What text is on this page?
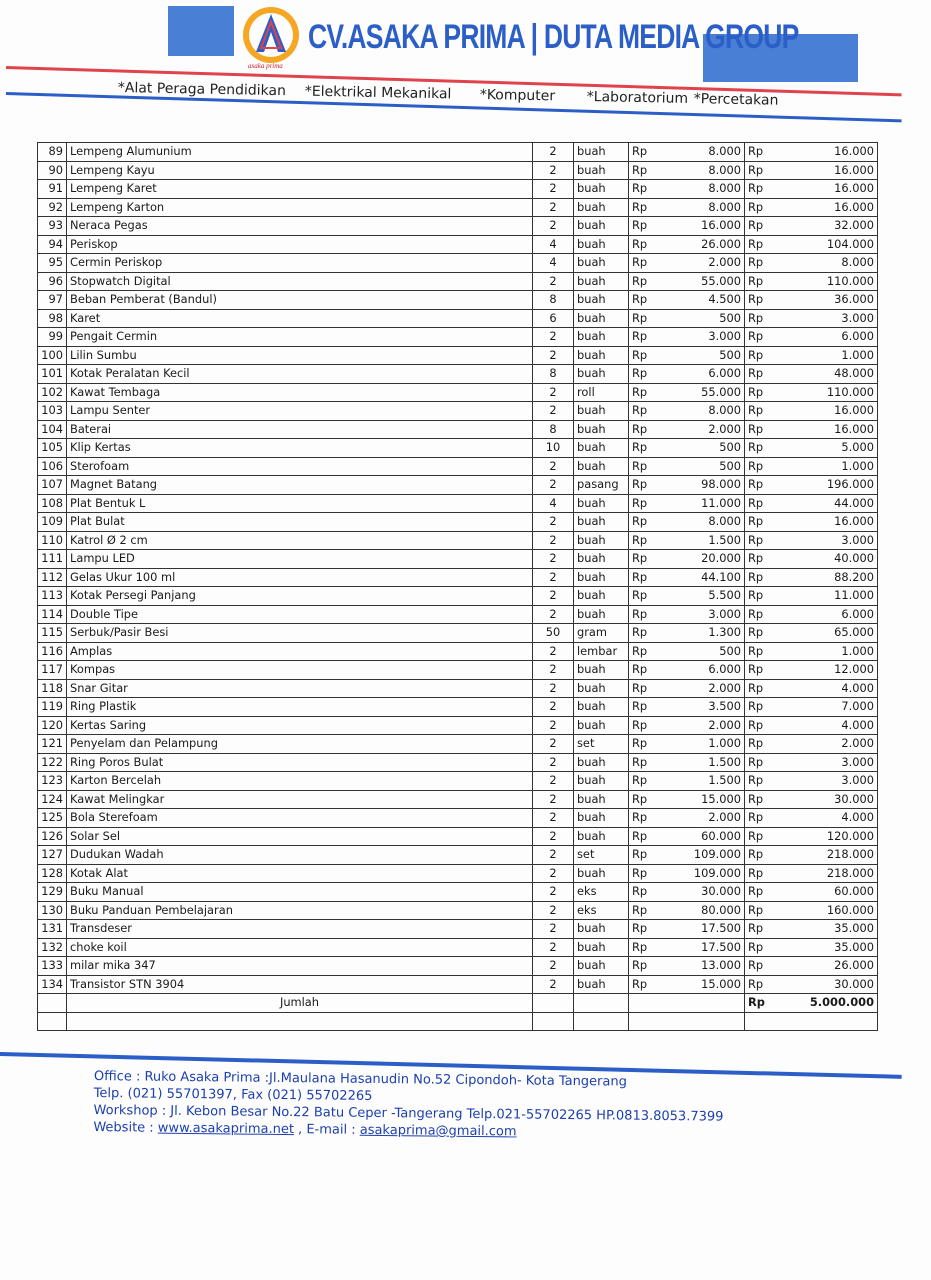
asaka prima
CV.ASAKA PRIMA | DUTA MEDIA GROUP
*Alat Peraga Pendidikan *Elektrikal Mekanikal *Komputer *Laboratorium *Percetakan
89	Lempeng Alumunium	2	buah	Rp	8.000	Rp	16.000
90	Lempeng Kayu	2	buah	Rp	8.000	Rp	16.000
91	Lempeng Karet	2	buah	Rp	8.000	Rp	16.000
92	Lempeng Karton	2	buah	Rp	8.000	Rp	16.000
93	Neraca Pegas	2	buah	Rp	16.000	Rp	32.000
94	Periskop	4	buah	Rp	26.000	Rp	104.000
95	Cermin Periskop	4	buah	Rp	2.000	Rp	8.000
96	Stopwatch Digital	2	buah	Rp	55.000	Rp	110.000
97	Beban Pemberat (Bandul)	8	buah	Rp	4.500	Rp	36.000
98	Karet	6	buah	Rp	500	Rp	3.000
99	Pengait Cermin	2	buah	Rp	3.000	Rp	6.000
100	Lilin Sumbu	2	buah	Rp	500	Rp	1.000
101	Kotak Peralatan Kecil	8	buah	Rp	6.000	Rp	48.000
102	Kawat Tembaga	2	roll	Rp	55.000	Rp	110.000
103	Lampu Senter	2	buah	Rp	8.000	Rp	16.000
104	Baterai	8	buah	Rp	2.000	Rp	16.000
105	Klip Kertas	10	buah	Rp	500	Rp	5.000
106	Sterofoam	2	buah	Rp	500	Rp	1.000
107	Magnet Batang	2	pasang	Rp	98.000	Rp	196.000
108	Plat Bentuk L	4	buah	Rp	11.000	Rp	44.000
109	Plat Bulat	2	buah	Rp	8.000	Rp	16.000
110	Katrol Ø 2 cm	2	buah	Rp	1.500	Rp	3.000
111	Lampu LED	2	buah	Rp	20.000	Rp	40.000
112	Gelas Ukur 100 ml	2	buah	Rp	44.100	Rp	88.200
113	Kotak Persegi Panjang	2	buah	Rp	5.500	Rp	11.000
114	Double Tipe	2	buah	Rp	3.000	Rp	6.000
115	Serbuk/Pasir Besi	50	gram	Rp	1.300	Rp	65.000
116	Amplas	2	lembar	Rp	500	Rp	1.000
117	Kompas	2	buah	Rp	6.000	Rp	12.000
118	Snar Gitar	2	buah	Rp	2.000	Rp	4.000
119	Ring Plastik	2	buah	Rp	3.500	Rp	7.000
120	Kertas Saring	2	buah	Rp	2.000	Rp	4.000
121	Penyelam dan Pelampung	2	set	Rp	1.000	Rp	2.000
122	Ring Poros Bulat	2	buah	Rp	1.500	Rp	3.000
123	Karton Bercelah	2	buah	Rp	1.500	Rp	3.000
124	Kawat Melingkar	2	buah	Rp	15.000	Rp	30.000
125	Bola Sterefoam	2	buah	Rp	2.000	Rp	4.000
126	Solar Sel	2	buah	Rp	60.000	Rp	120.000
127	Dudukan Wadah	2	set	Rp	109.000	Rp	218.000
128	Kotak Alat	2	buah	Rp	109.000	Rp	218.000
129	Buku Manual	2	eks	Rp	30.000	Rp	60.000
130	Buku Panduan Pembelajaran	2	eks	Rp	80.000	Rp	160.000
131	Transdeser	2	buah	Rp	17.500	Rp	35.000
132	choke koil	2	buah	Rp	17.500	Rp	35.000
133	milar mika 347	2	buah	Rp	13.000	Rp	26.000
134	Transistor STN 3904	2	buah	Rp	15.000	Rp	30.000
	Jumlah					Rp	5.000.000

Office : Ruko Asaka Prima :Jl.Maulana Hasanudin No.52 Cipondoh- Kota Tangerang
Telp. (021) 55701397, Fax (021) 55702265
Workshop : Jl. Kebon Besar No.22 Batu Ceper -Tangerang Telp.021-55702265 HP.0813.8053.7399
Website : www.asakaprima.net , E-mail : asakaprima@gmail.com
